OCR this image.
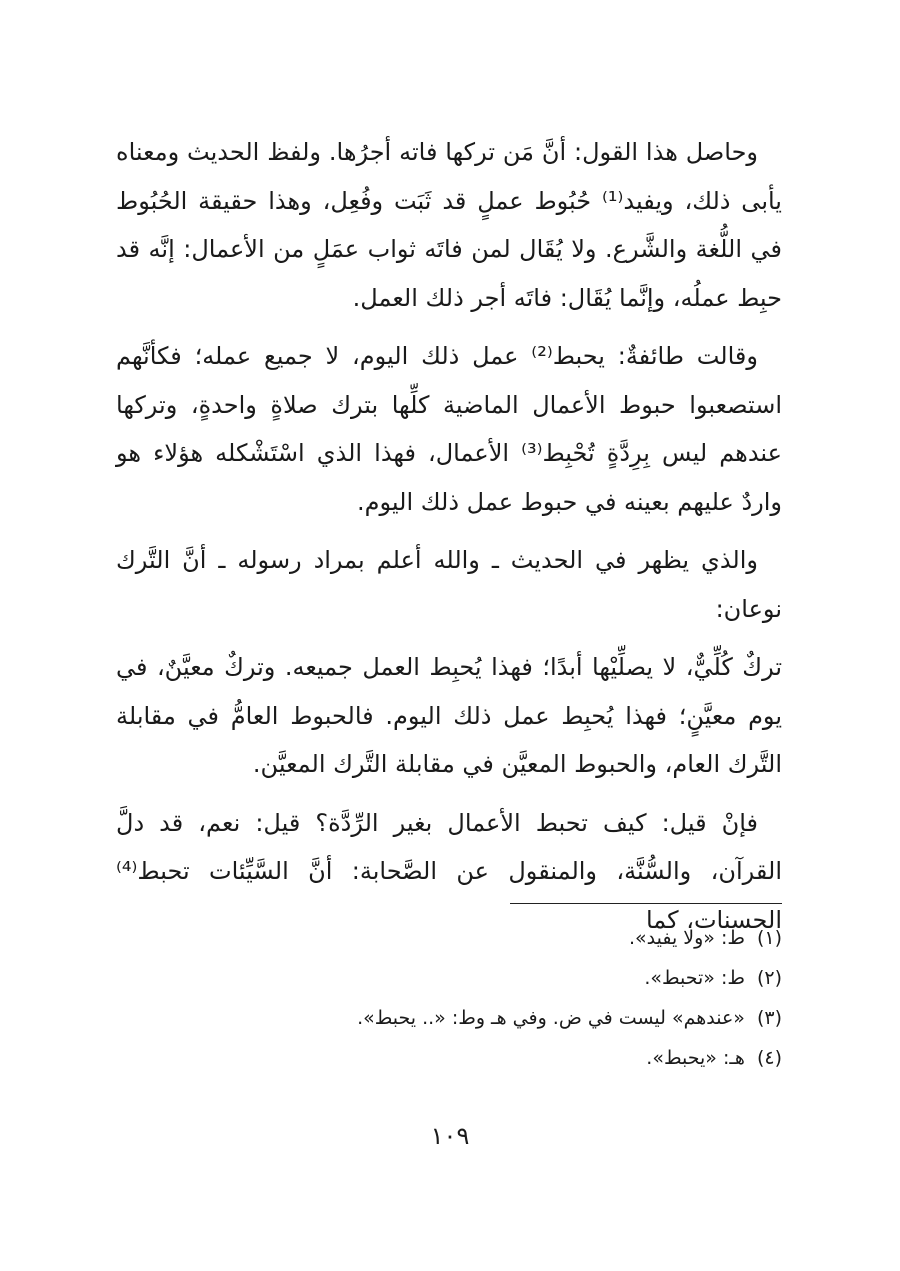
وحاصل هذا القول: أنَّ مَن تركها فاته أجرُها. ولفظ الحديث ومعناه يأبى ذلك، ويفيد⁽¹⁾ حُبُوط عملٍ قد ثَبَت وفُعِل، وهذا حقيقة الحُبُوط في اللُّغة والشَّرع. ولا يُقَال لمن فاتَه ثواب عمَلٍ من الأعمال: إنَّه قد حبِط عملُه، وإنَّما يُقَال: فاتَه أجر ذلك العمل.

وقالت طائفةٌ: يحبط⁽²⁾ عمل ذلك اليوم، لا جميع عمله؛ فكأنَّهم استصعبوا حبوط الأعمال الماضية كلِّها بترك صلاةٍ واحدةٍ، وتركها عندهم ليس بِرِدَّةٍ تُحْبِط⁽³⁾ الأعمال، فهذا الذي اسْتَشْكله هؤلاء هو واردٌ عليهم بعينه في حبوط عمل ذلك اليوم.

والذي يظهر في الحديث ـ والله أعلم بمراد رسوله ـ أنَّ التَّرك نوعان:

تركٌ كُلِّيٌّ، لا يصلِّيْها أبدًا؛ فهذا يُحبِط العمل جميعه. وتركٌ معيَّنٌ، في يوم معيَّنٍ؛ فهذا يُحبِط عمل ذلك اليوم. فالحبوط العامُّ في مقابلة التَّرك العام، والحبوط المعيَّن في مقابلة التَّرك المعيَّن.

فإنْ قيل: كيف تحبط الأعمال بغير الرِّدَّة؟ قيل: نعم، قد دلَّ القرآن، والسُّنَّة، والمنقول عن الصَّحابة: أنَّ السَّيِّئات تحبط⁽⁴⁾ الحسنات، كما

(١)ط: «ولا يفيد».
(٢)ط: «تحبط».
(٣)«عندهم» ليست في ض. وفي هـ وط: «.. يحبط».
(٤)هـ: «يحبط».
١٠٩
